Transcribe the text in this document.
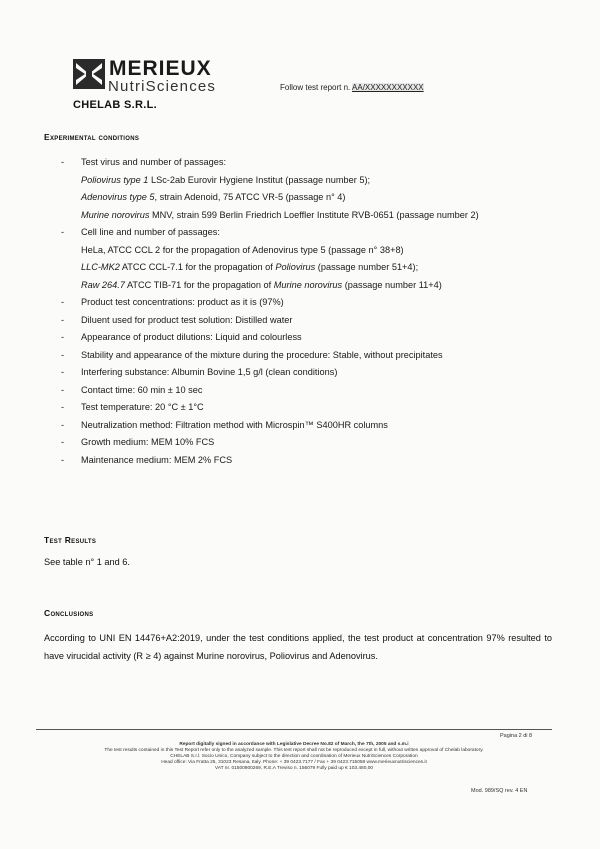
MERIEUX
NutriSciences
CHELAB S.R.L.
Follow test report n. AA/XXXXXXXXXXX
Experimental conditions
- Test virus and number of passages:
Poliovirus type 1 LSc-2ab Eurovir Hygiene Institut (passage number 5);
Adenovirus type 5, strain Adenoid, 75 ATCC VR-5 (passage n° 4)
Murine norovirus MNV, strain 599 Berlin Friedrich Loeffler Institute RVB-0651 (passage number 2)
- Cell line and number of passages:
HeLa, ATCC CCL 2 for the propagation of Adenovirus type 5 (passage n° 38+8)
LLC-MK2 ATCC CCL-7.1 for the propagation of Poliovirus (passage number 51+4);
Raw 264.7 ATCC TIB-71 for the propagation of Murine norovirus (passage number 11+4)
- Product test concentrations: product as it is (97%)
- Diluent used for product test solution: Distilled water
- Appearance of product dilutions: Liquid and colourless
- Stability and appearance of the mixture during the procedure: Stable, without precipitates
- Interfering substance: Albumin Bovine 1,5 g/l (clean conditions)
- Contact time: 60 min ± 10 sec
- Test temperature: 20 °C ± 1°C
- Neutralization method: Filtration method with Microspin™ S400HR columns
- Growth medium: MEM 10% FCS
- Maintenance medium: MEM 2% FCS
Test Results
See table n° 1 and 6.
Conclusions
According to UNI EN 14476+A2:2019, under the test conditions applied, the test product at concentration 97% resulted to have virucidal activity (R ≥ 4) against Murine norovirus, Poliovirus and Adenovirus.
Pagina 2 di 8
Report digitally signed in accordance with Legislative Decree No.82 of March, the 7th, 2005 and s.m.i
The test results contained in this Test Report refer only to the analyzed sample. This test report shall not be reproduced except in full, without written approval of Chelab laboratory.
CHELAB S.r.l. Socio Unico, Company subject to the direction and coordination of Merieux NutriSciences Corporation
Head office: Via Fratta 25, 31023 Resana, Italy. Phone: + 39 0423.7177 / Fax + 39 0423.715058 www.merieuxnutrisciences.it
VAT nr. 01500900269, R.E.A Treviso n. 156079 Fully paid up € 103.480,00
Mod. 989/SQ rev. 4 EN
